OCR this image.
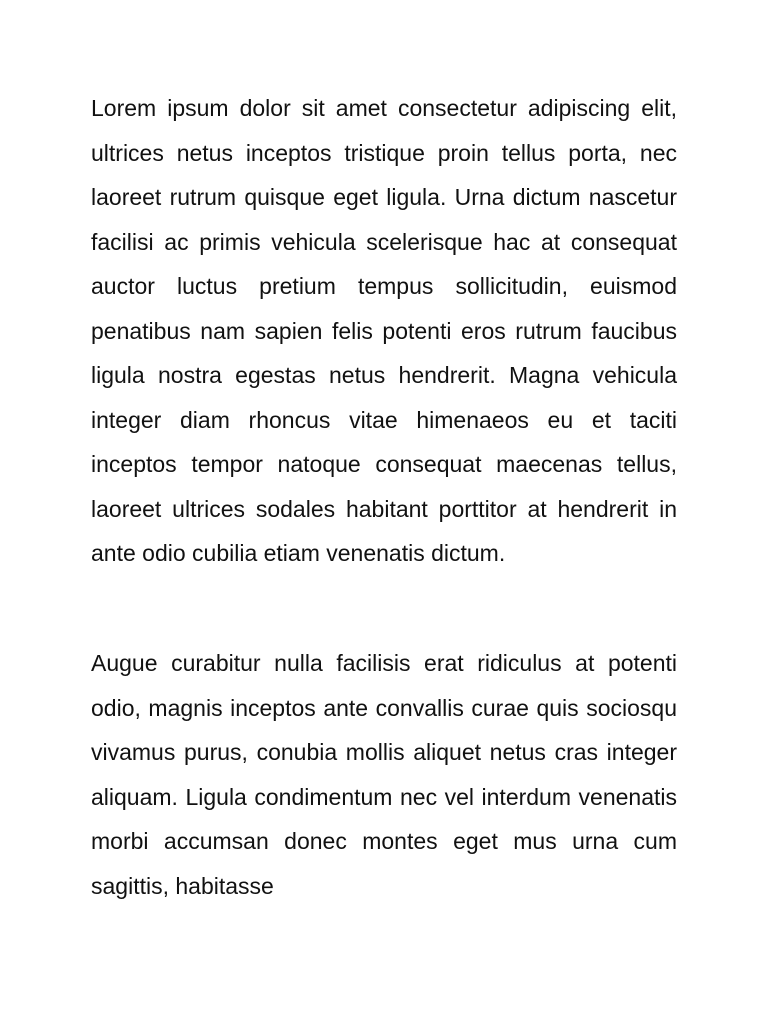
Lorem ipsum dolor sit amet consectetur adipiscing elit, ultrices netus inceptos tristique proin tellus porta, nec laoreet rutrum quisque eget ligula. Urna dictum nascetur facilisi ac primis vehicula scelerisque hac at consequat auctor luctus pretium tempus sollicitudin, euismod penatibus nam sapien felis potenti eros rutrum faucibus ligula nostra egestas netus hendrerit. Magna vehicula integer diam rhoncus vitae himenaeos eu et taciti inceptos tempor natoque consequat maecenas tellus, laoreet ultrices sodales habitant porttitor at hendrerit in ante odio cubilia etiam venenatis dictum.

Augue curabitur nulla facilisis erat ridiculus at potenti odio, magnis inceptos ante convallis curae quis sociosqu vivamus purus, conubia mollis aliquet netus cras integer aliquam. Ligula condimentum nec vel interdum venenatis morbi accumsan donec montes eget mus urna cum sagittis, habitasse
